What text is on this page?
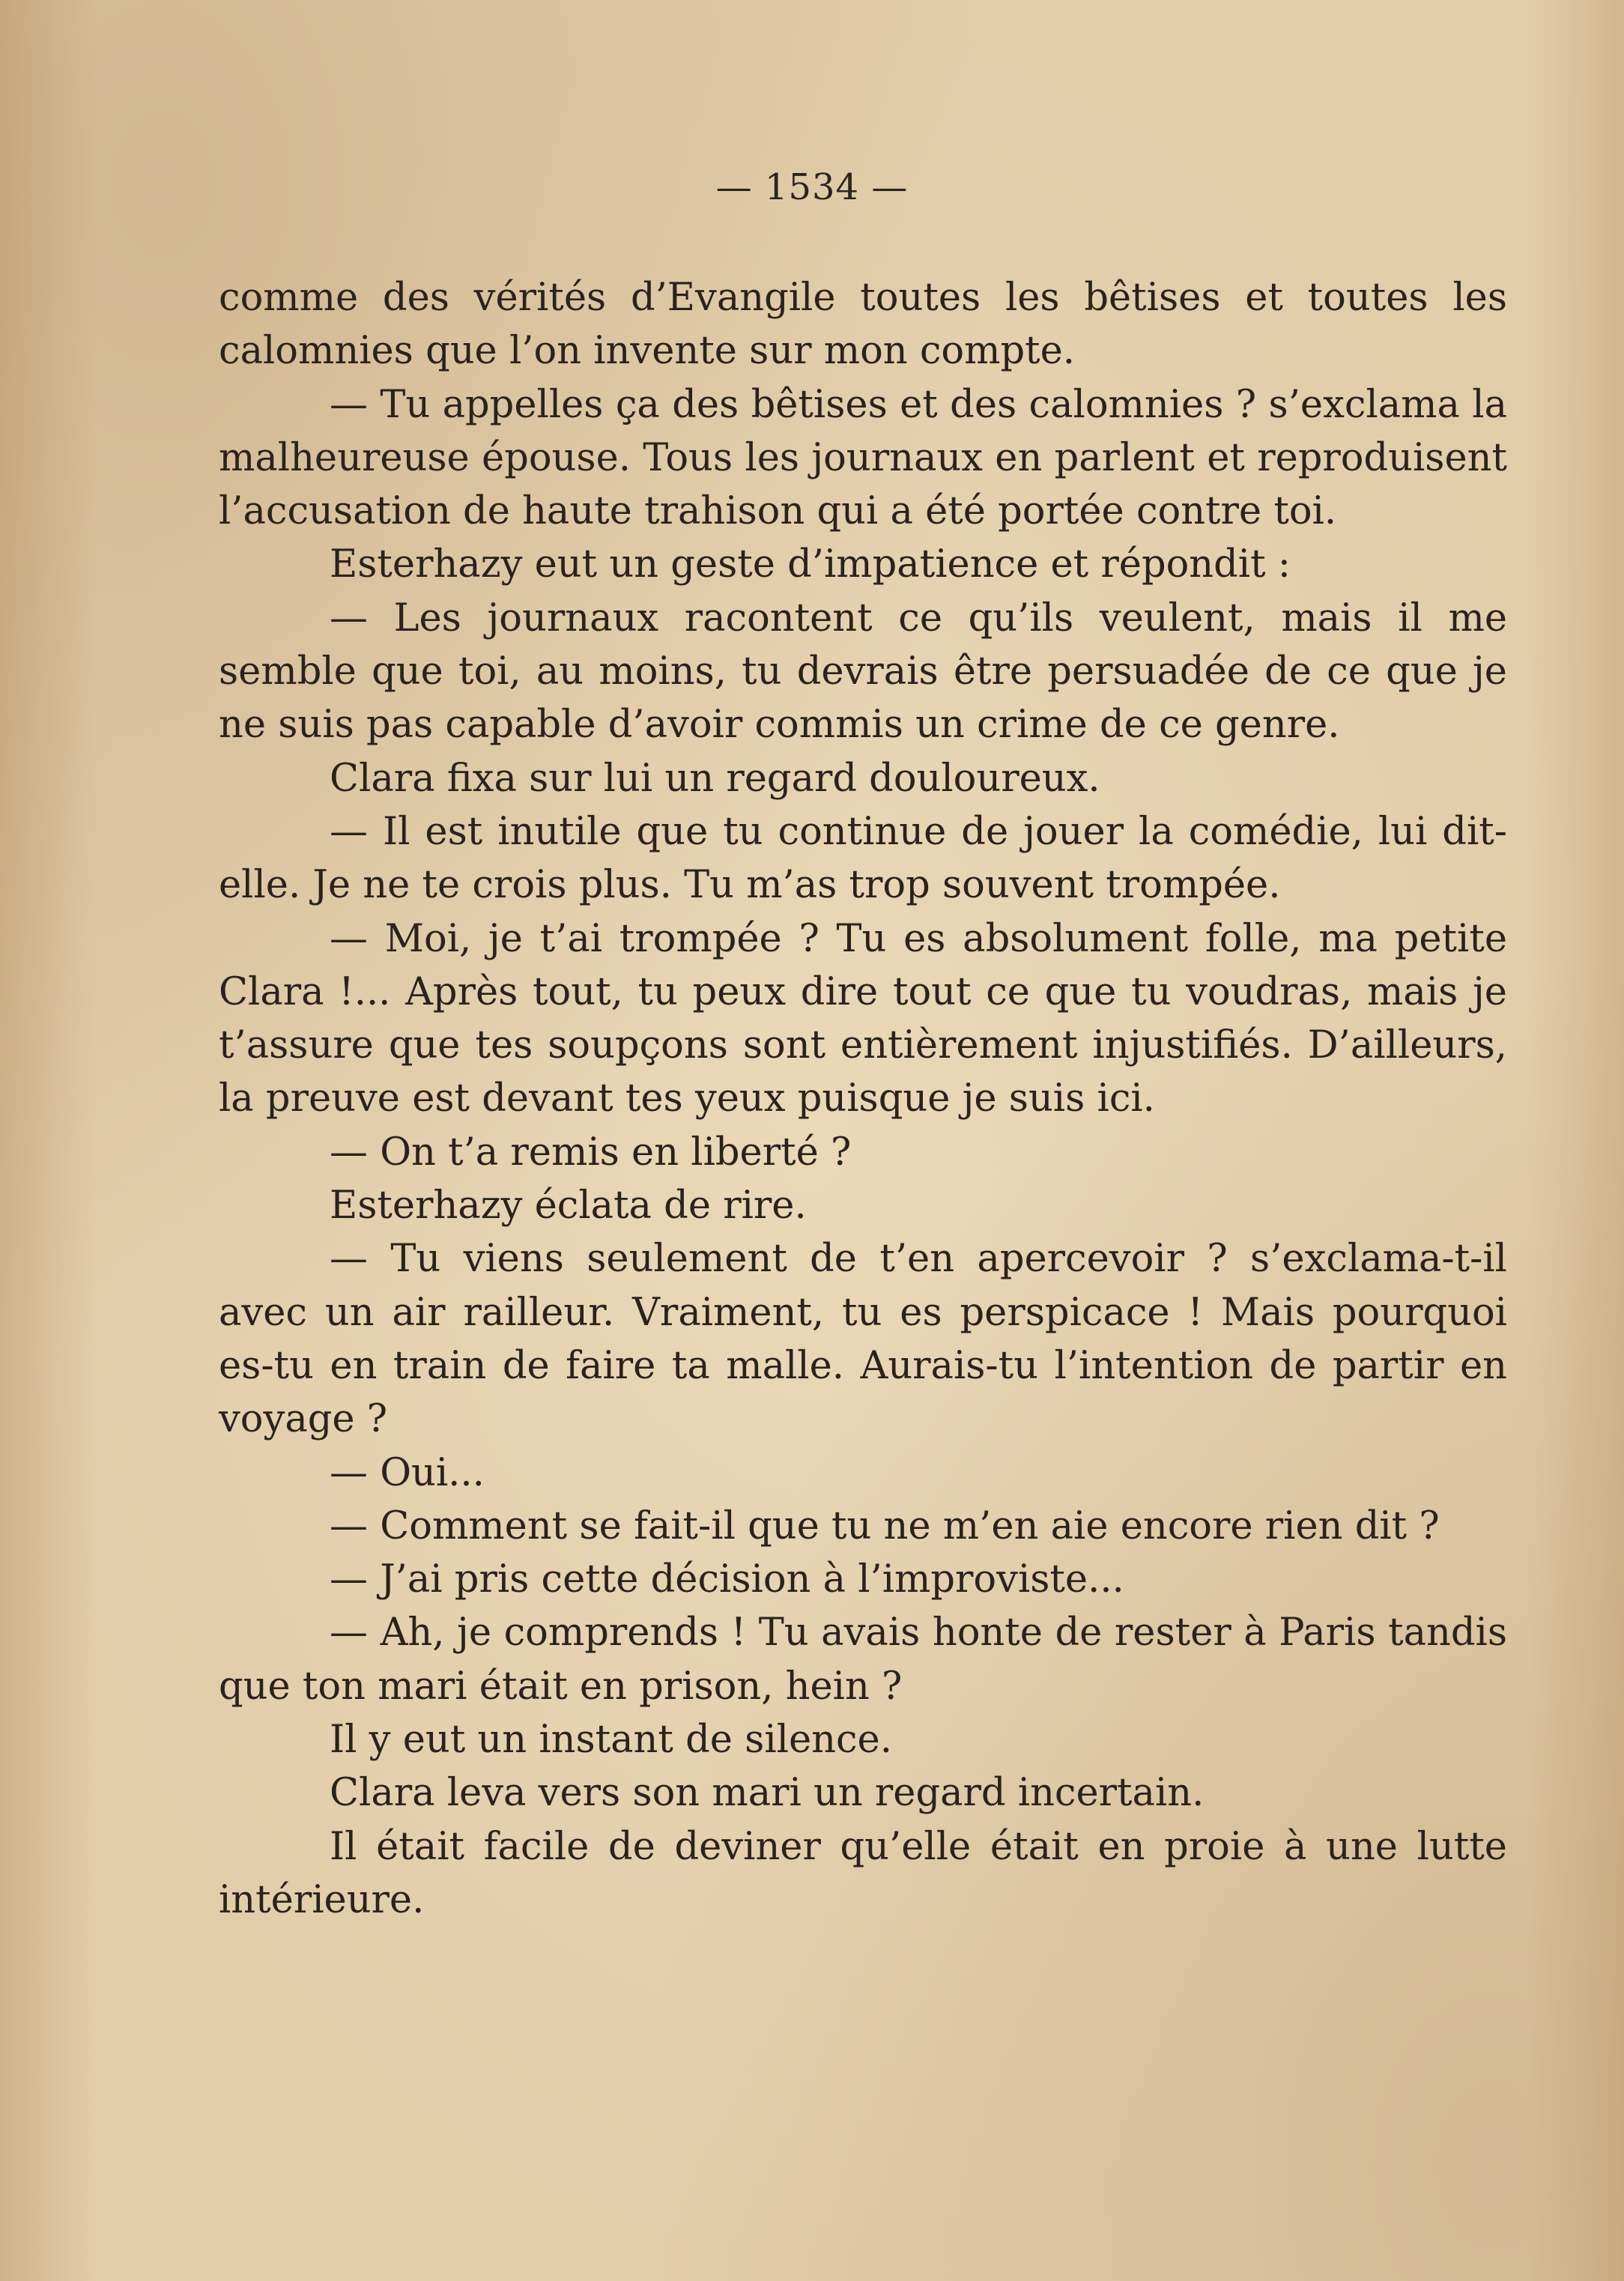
— 1534 —

comme des vérités d’Evangile toutes les bêtises et toutes les calomnies que l’on invente sur mon compte.

— Tu appelles ça des bêtises et des calomnies ? s’exclama la malheureuse épouse. Tous les journaux en parlent et reproduisent l’accusation de haute trahison qui a été portée contre toi.

Esterhazy eut un geste d’impatience et répondit :

— Les journaux racontent ce qu’ils veulent, mais il me semble que toi, au moins, tu devrais être persuadée de ce que je ne suis pas capable d’avoir commis un crime de ce genre.

Clara fixa sur lui un regard douloureux.

— Il est inutile que tu continue de jouer la comédie, lui dit-elle. Je ne te crois plus. Tu m’as trop souvent trompée.

— Moi, je t’ai trompée ? Tu es absolument folle, ma petite Clara !... Après tout, tu peux dire tout ce que tu voudras, mais je t’assure que tes soupçons sont entièrement injustifiés. D’ailleurs, la preuve est devant tes yeux puisque je suis ici.

— On t’a remis en liberté ?

Esterhazy éclata de rire.

— Tu viens seulement de t’en apercevoir ? s’exclama-t-il avec un air railleur. Vraiment, tu es perspicace ! Mais pourquoi es-tu en train de faire ta malle. Aurais-tu l’intention de partir en voyage ?

— Oui...

— Comment se fait-il que tu ne m’en aie encore rien dit ?

— J’ai pris cette décision à l’improviste...

— Ah, je comprends ! Tu avais honte de rester à Paris tandis que ton mari était en prison, hein ?

Il y eut un instant de silence.

Clara leva vers son mari un regard incertain.

Il était facile de deviner qu’elle était en proie à une lutte intérieure.
